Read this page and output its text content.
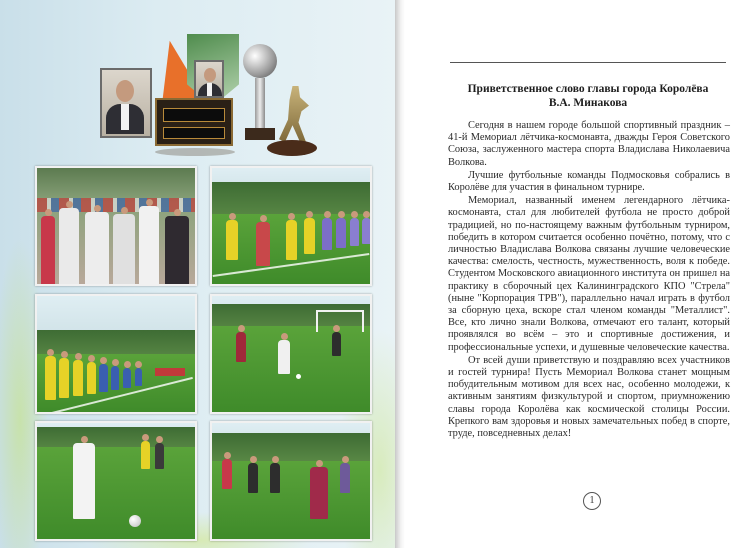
Приветственное слово главы города Королёва
В.А. Минакова

Сегодня в нашем городе большой спортивный праздник – 41-й Мемориал лётчика-космонавта, дважды Героя Советского Союза, заслуженного мастера спорта Владислава Николаевича Волкова.

Лучшие футбольные команды Подмосковья собрались в Королёве для участия в финальном турнире.

Мемориал, названный именем легендарного лётчика-космонавта, стал для любителей футбола не просто доброй традицией, но по-настоящему важным футбольным турниром, победить в котором считается особенно почётно, потому, что с личностью Владислава Волкова связаны лучшие человеческие качества: смелость, честность, мужественность, воля к победе. Студентом Московского авиационного института он пришел на практику в сборочный цех Калининградского КПО "Стрела" (ныне "Корпорация ТРВ"), параллельно начал играть в футбол за сборную цеха, вскоре стал членом команды "Металлист". Все, кто лично знали Волкова, отмечают его талант, который проявлялся во всём – это и спортивные достижения, и профессиональные успехи, и душевные человеческие качества.

От всей души приветствую и поздравляю всех участников и гостей турнира! Пусть Мемориал Волкова станет мощным побудительным мотивом для всех нас, особенно молодежи, к активным занятиям физкультурой и спортом, приумножению славы города Королёва как космической столицы России. Крепкого вам здоровья и новых замечательных побед в спорте, труде, повседневных делах!

1
